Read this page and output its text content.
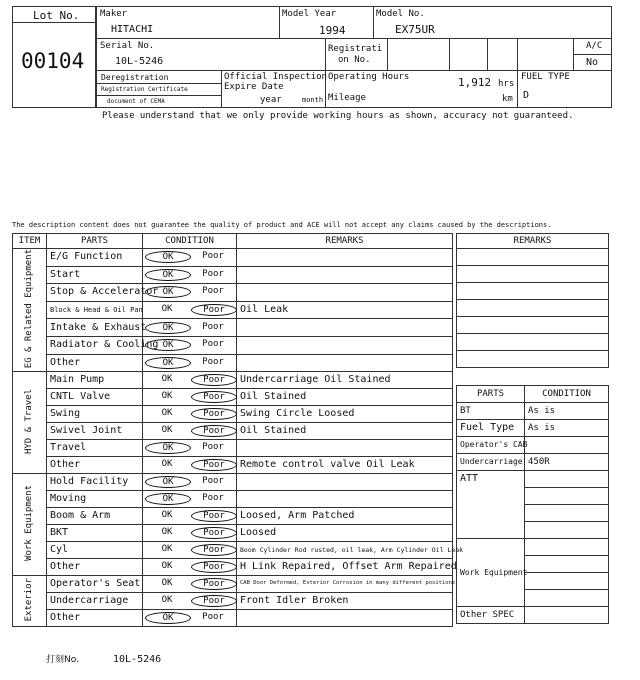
Lot No.
00104
Maker
HITACHI
Model Year
1994
Model No.
EX75UR
Serial No.
10L-5246
Registrati
on No.
A/C
No
Deregistration
Registration Certificate
document of CEMA
Official Inspection
Expire Date
year	month
Operating Hours	1,912 hrs
Mileage	km
FUEL TYPE
D
Please understand that we only provide working hours as shown, accuracy not guaranteed.
The description content does not guarantee the quality of product and ACE will not accept any claims caused by the descriptions.
ITEM	PARTS	CONDITION	REMARKS
EG & Related Equipment	E/G Function	OK Poor	

	Start	OK Poor	

	Stop & Accelerator	OK Poor	

	Block & Head & Oil Pan	OK Poor	Oil Leak
	Intake & Exhaust	OK Poor	

	Radiator & Cooling	OK Poor	

	Other	OK Poor	

HYD & Travel	Main Pump	OK Poor	Undercarriage Oil Stained
	CNTL Valve	OK Poor	Oil Stained
	Swing	OK Poor	Swing Circle Loosed
	Swivel Joint	OK Poor	Oil Stained
	Travel	OK Poor	

	Other	OK Poor	Remote control valve Oil Leak
Work Equipment	Hold Facility	OK Poor	

	Moving	OK Poor	

	Boom & Arm	OK Poor	Loosed, Arm Patched
	BKT	OK Poor	Loosed
	Cyl	OK Poor	Boom Cylinder Rod rusted, oil leak, Arm Cylinder Oil Leak
	Other	OK Poor	H Link Repaired, Offset Arm Repaired
Exterior	Operator's Seat	OK Poor	CAB Door Deformed, Exterior Corrosion in many different positions
	Undercarriage	OK Poor	Front Idler Broken
	Other	OK Poor	

REMARKS

PARTS	CONDITION
BT	As is
Fuel Type	As is
Operator's CAB	
Undercarriage	450R
ATT	

Work Equipment	

Other SPEC	
打刻No.	10L-5246
